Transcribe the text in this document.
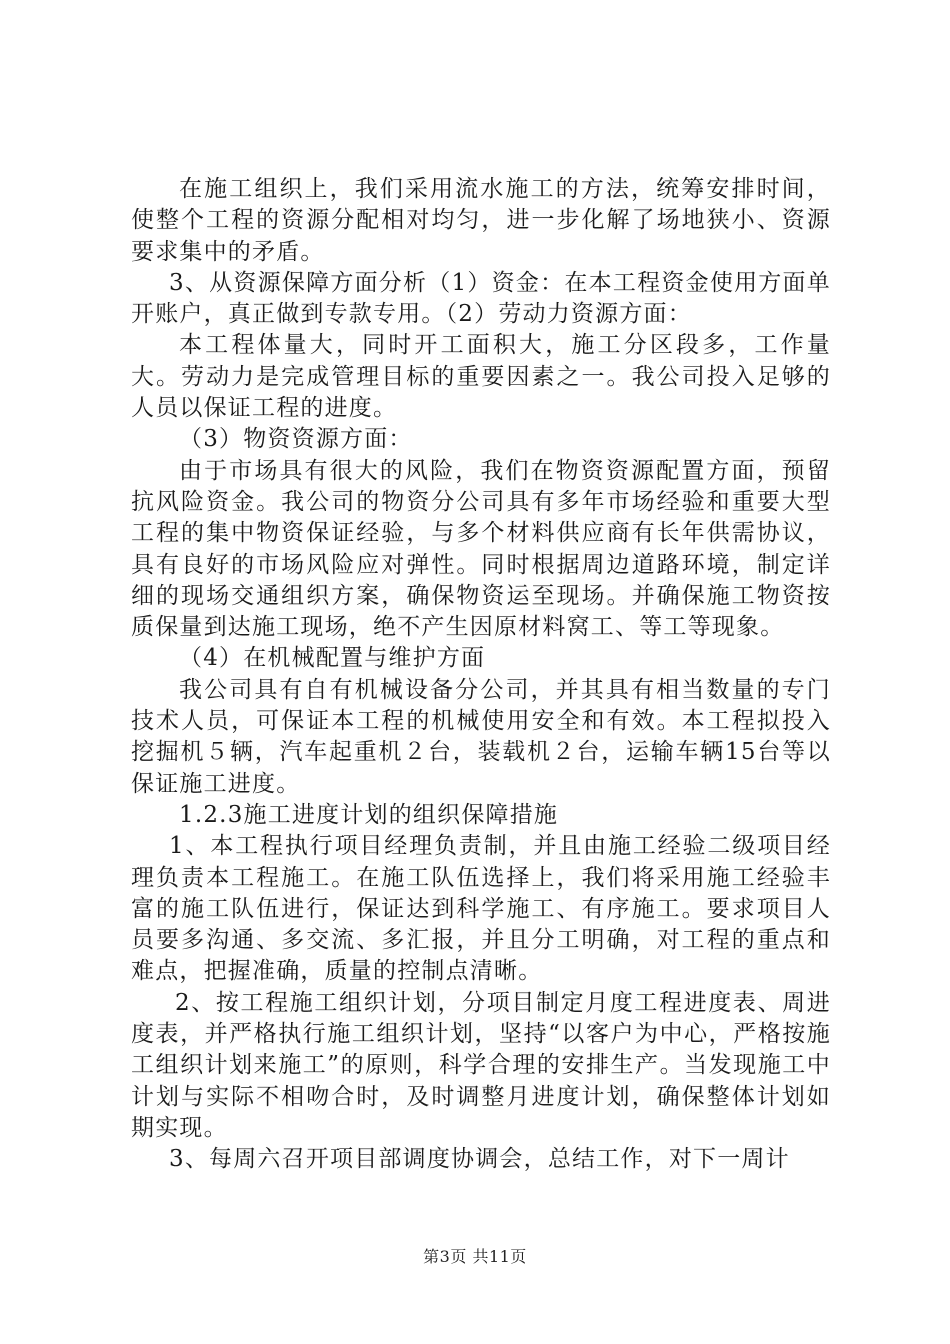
在施工组织上，我们采用流水施工的方法，统筹安排时间，使整个工程的资源分配相对均匀，进一步化解了场地狭小、资源要求集中的矛盾。

3、从资源保障方面分析（1）资金：在本工程资金使用方面单开账户，真正做到专款专用。（2）劳动力资源方面：

本工程体量大，同时开工面积大，施工分区段多，工作量大。劳动力是完成管理目标的重要因素之一。我公司投入足够的人员以保证工程的进度。

（3）物资资源方面：

由于市场具有很大的风险，我们在物资资源配置方面，预留抗风险资金。我公司的物资分公司具有多年市场经验和重要大型工程的集中物资保证经验，与多个材料供应商有长年供需协议，具有良好的市场风险应对弹性。同时根据周边道路环境，制定详细的现场交通组织方案，确保物资运至现场。并确保施工物资按质保量到达施工现场，绝不产生因原材料窝工、等工等现象。

（4）在机械配置与维护方面

我公司具有自有机械设备分公司，并其具有相当数量的专门技术人员，可保证本工程的机械使用安全和有效。本工程拟投入挖掘机５辆，汽车起重机２台，装载机２台，运输车辆15台等以保证施工进度。

1.2.3施工进度计划的组织保障措施

1、本工程执行项目经理负责制，并且由施工经验二级项目经理负责本工程施工。在施工队伍选择上，我们将采用施工经验丰富的施工队伍进行，保证达到科学施工、有序施工。要求项目人员要多沟通、多交流、多汇报，并且分工明确，对工程的重点和难点，把握准确，质量的控制点清晰。

2、按工程施工组织计划，分项目制定月度工程进度表、周进度表，并严格执行施工组织计划，坚持“以客户为中心，严格按施工组织计划来施工”的原则，科学合理的安排生产。当发现施工中计划与实际不相吻合时，及时调整月进度计划，确保整体计划如期实现。

3、每周六召开项目部调度协调会，总结工作，对下一周计

第3页 共11页
